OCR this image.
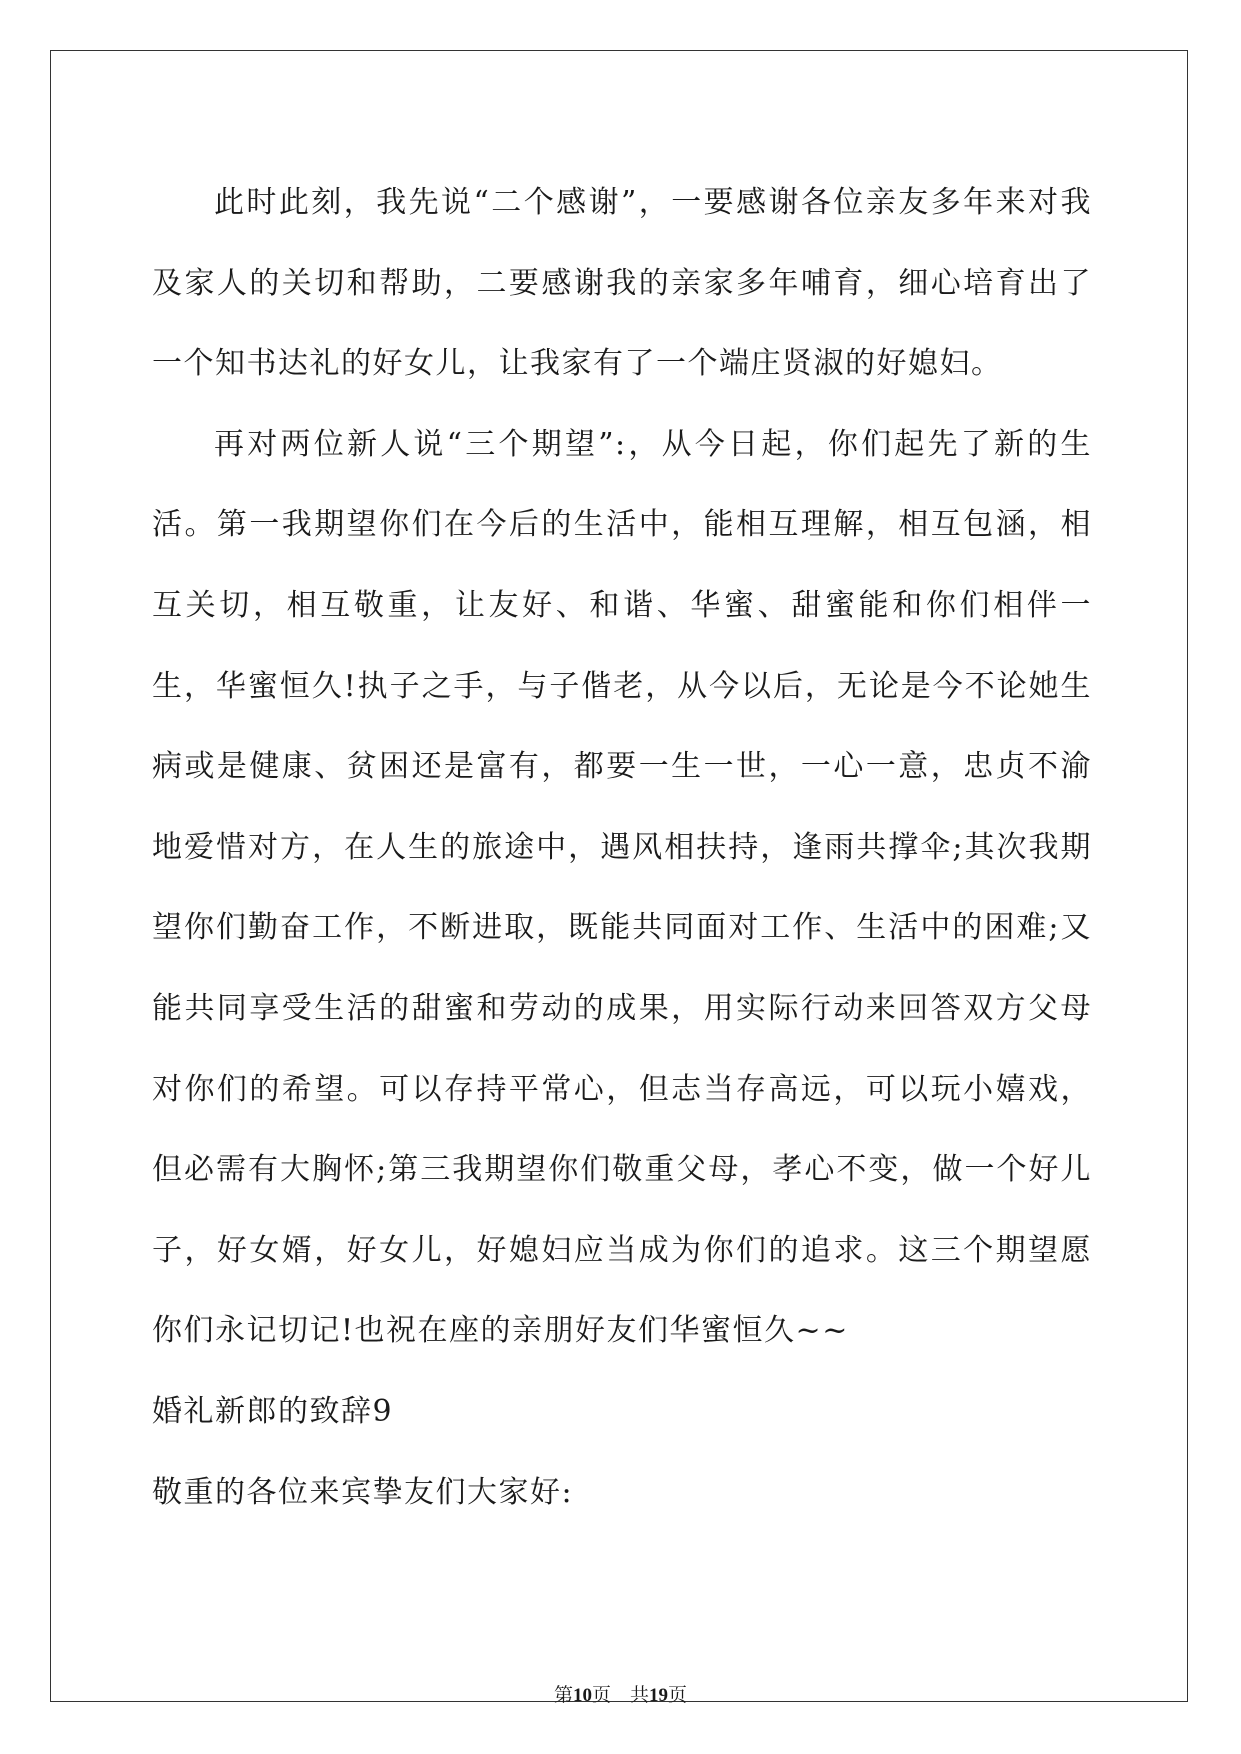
此时此刻，我先说“二个感谢”，一要感谢各位亲友多年来对我及家人的关切和帮助，二要感谢我的亲家多年哺育，细心培育出了一个知书达礼的好女儿，让我家有了一个端庄贤淑的好媳妇。

再对两位新人说“三个期望”:，从今日起，你们起先了新的生活。第一我期望你们在今后的生活中，能相互理解，相互包涵，相互关切，相互敬重，让友好、和谐、华蜜、甜蜜能和你们相伴一生，华蜜恒久!执子之手，与子偕老，从今以后，无论是今不论她生病或是健康、贫困还是富有，都要一生一世，一心一意，忠贞不渝地爱惜对方，在人生的旅途中，遇风相扶持，逢雨共撑伞;其次我期望你们勤奋工作，不断进取，既能共同面对工作、生活中的困难;又能共同享受生活的甜蜜和劳动的成果，用实际行动来回答双方父母对你们的希望。可以存持平常心，但志当存高远，可以玩小嬉戏，但必需有大胸怀;第三我期望你们敬重父母，孝心不变，做一个好儿子，好女婿，好女儿，好媳妇应当成为你们的追求。这三个期望愿你们永记切记!也祝在座的亲朋好友们华蜜恒久~~

婚礼新郎的致辞9

敬重的各位来宾挚友们大家好:

第10页　共19页
